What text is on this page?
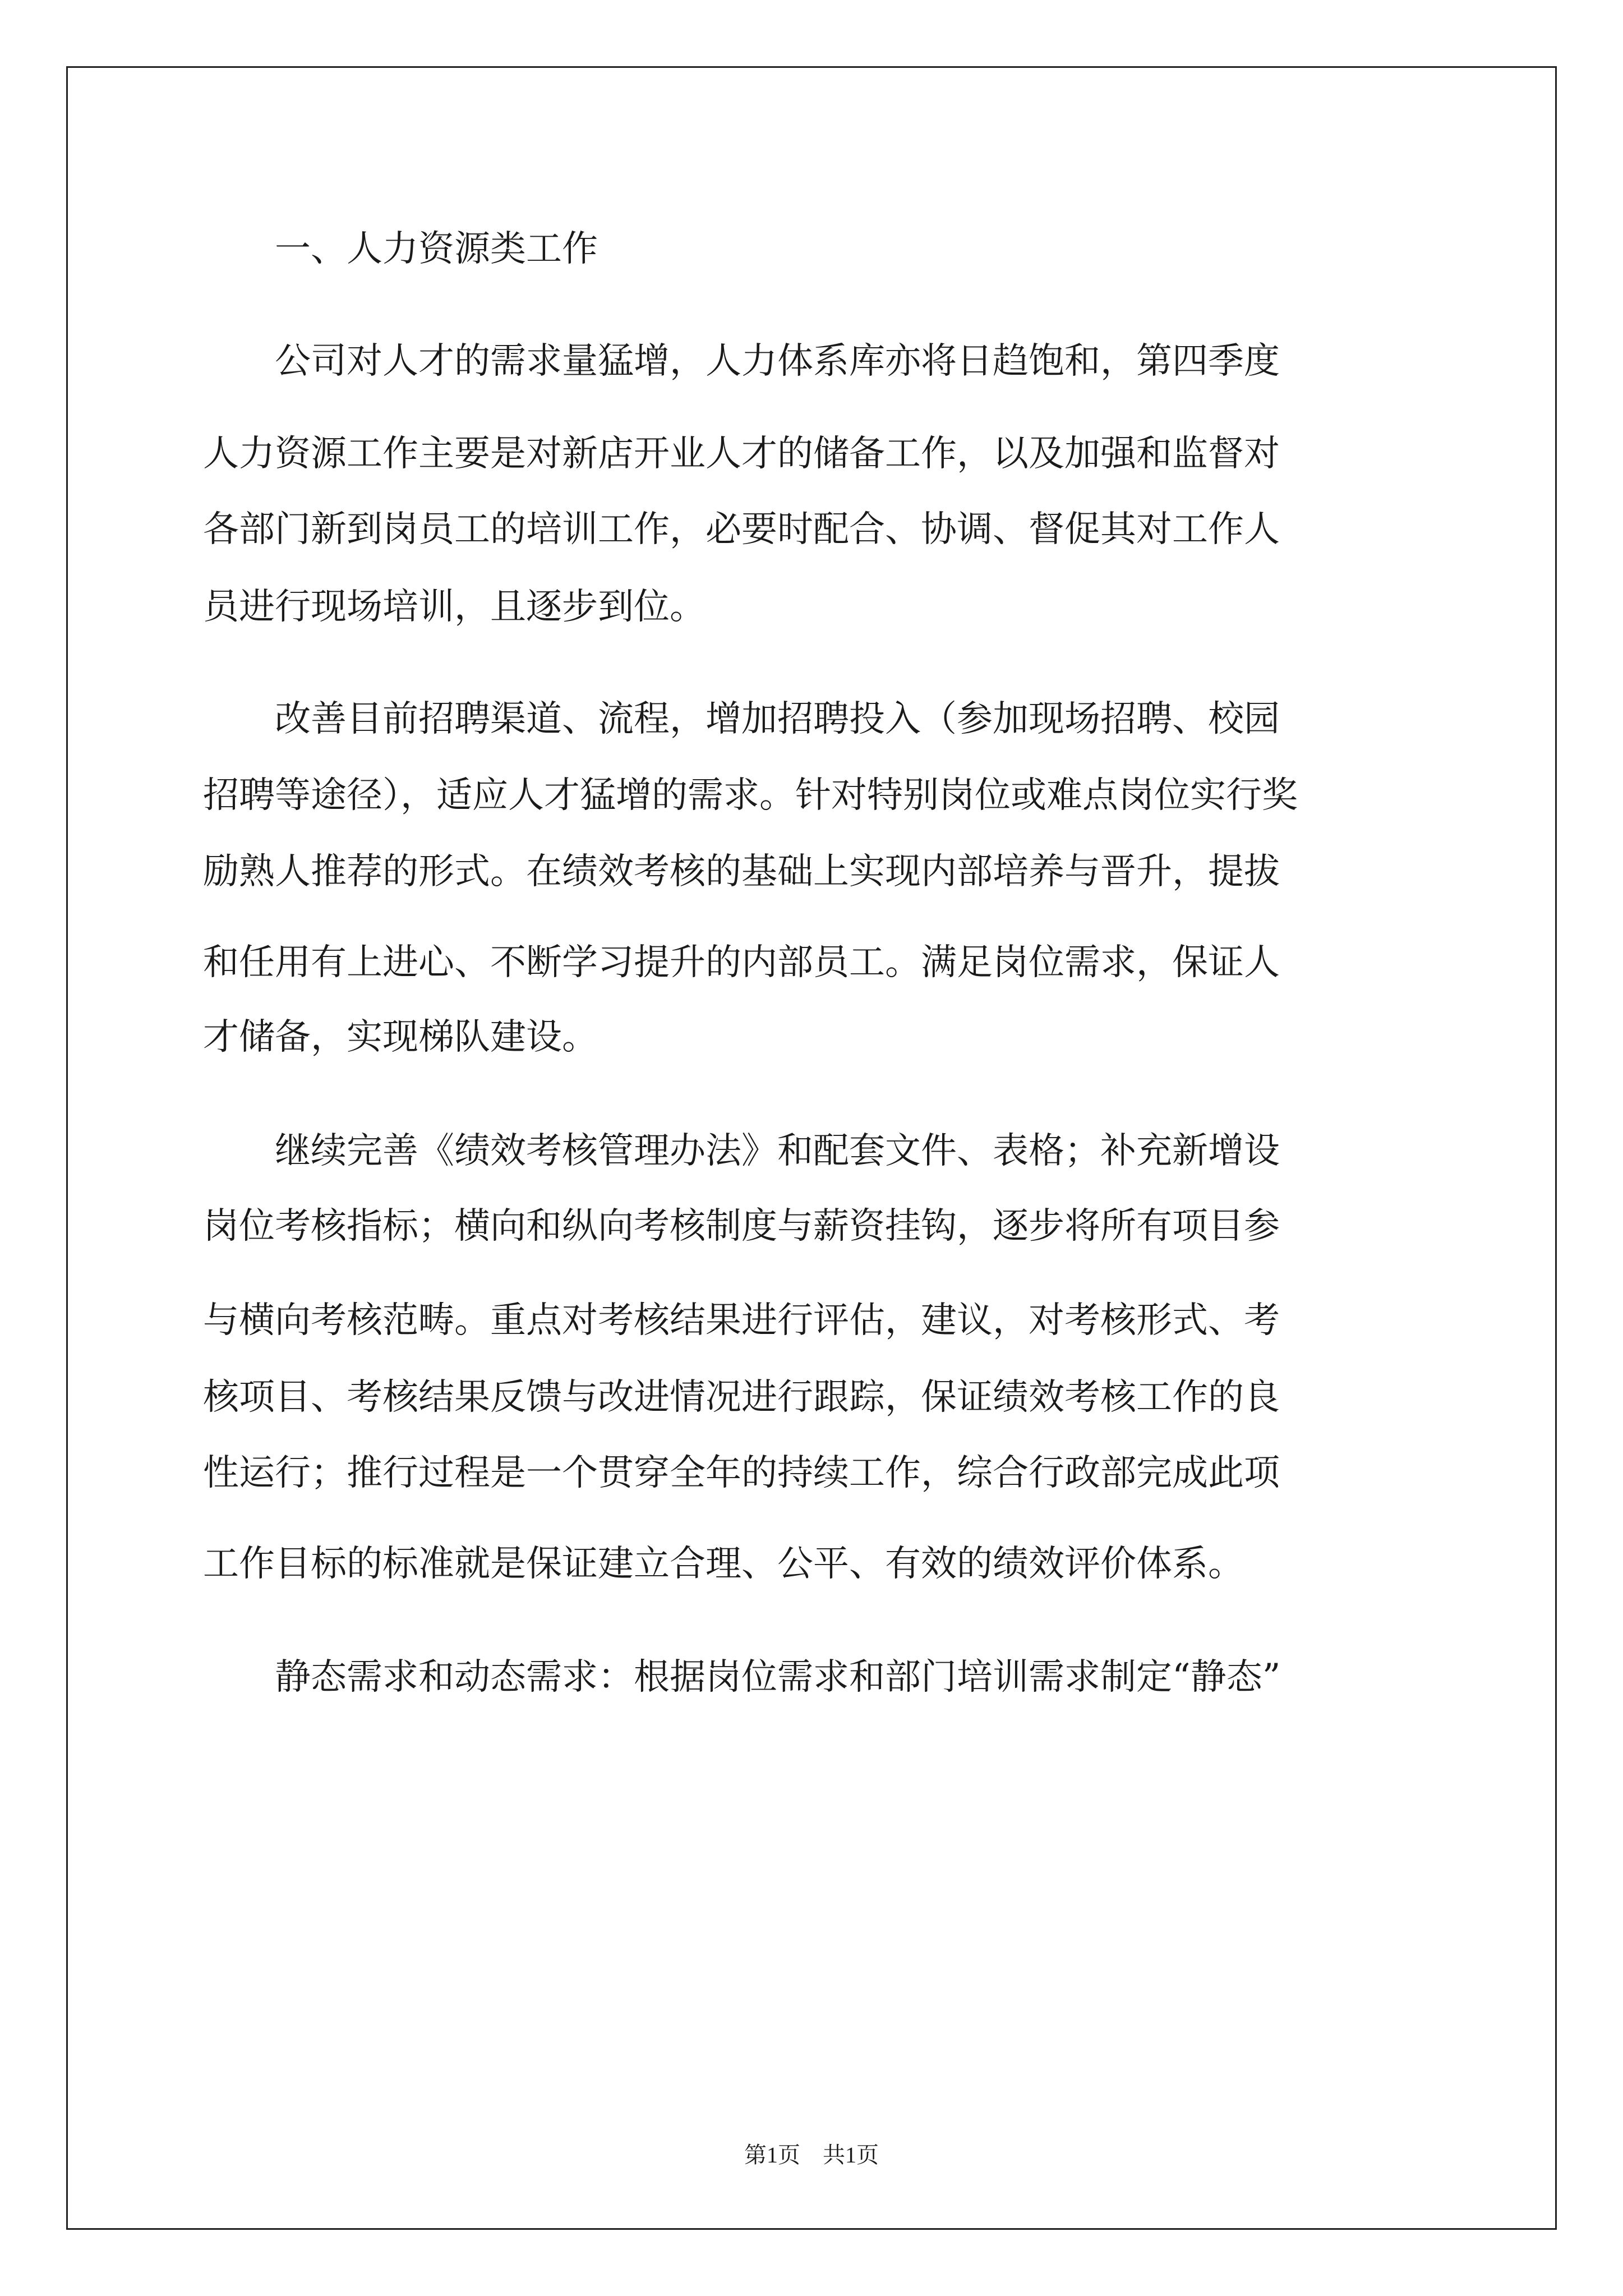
　　一、人力资源类工作

　　公司对人才的需求量猛增，人力体系库亦将日趋饱和，第四季度

人力资源工作主要是对新店开业人才的储备工作，以及加强和监督对

各部门新到岗员工的培训工作，必要时配合、协调、督促其对工作人

员进行现场培训，且逐步到位。

　　改善目前招聘渠道、流程，增加招聘投入（参加现场招聘、校园

招聘等途径），适应人才猛增的需求。针对特别岗位或难点岗位实行奖

励熟人推荐的形式。在绩效考核的基础上实现内部培养与晋升，提拔

和任用有上进心、不断学习提升的内部员工。满足岗位需求，保证人

才储备，实现梯队建设。

　　继续完善《绩效考核管理办法》和配套文件、表格；补充新增设

岗位考核指标；横向和纵向考核制度与薪资挂钩，逐步将所有项目参

与横向考核范畴。重点对考核结果进行评估，建议，对考核形式、考

核项目、考核结果反馈与改进情况进行跟踪，保证绩效考核工作的良

性运行；推行过程是一个贯穿全年的持续工作，综合行政部完成此项

工作目标的标准就是保证建立合理、公平、有效的绩效评价体系。

　　静态需求和动态需求：根据岗位需求和部门培训需求制定“静态”

第1页　共1页
